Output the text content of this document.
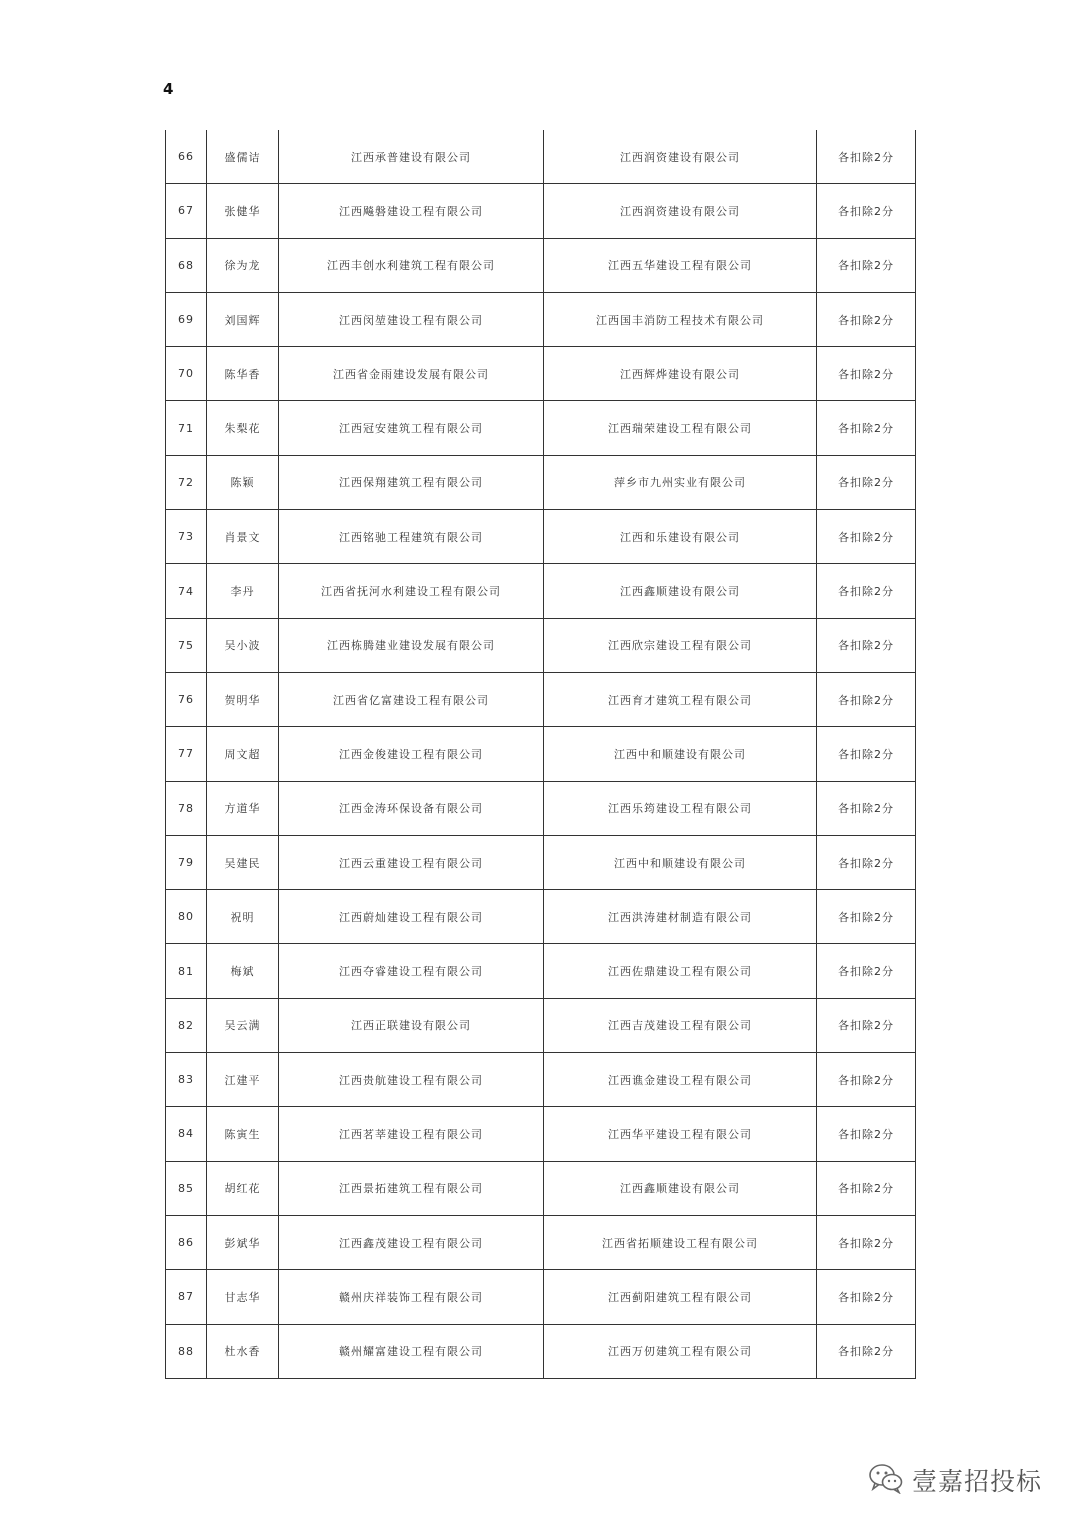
4
66	盛儒诘	江西承普建设有限公司	江西润资建设有限公司	各扣除2分
67	张健华	江西飚磐建设工程有限公司	江西润资建设有限公司	各扣除2分
68	徐为龙	江西丰创水利建筑工程有限公司	江西五华建设工程有限公司	各扣除2分
69	刘国辉	江西闵堃建设工程有限公司	江西国丰消防工程技术有限公司	各扣除2分
70	陈华香	江西省金雨建设发展有限公司	江西辉烨建设有限公司	各扣除2分
71	朱梨花	江西冠安建筑工程有限公司	江西瑞荣建设工程有限公司	各扣除2分
72	陈颖	江西保翔建筑工程有限公司	萍乡市九州实业有限公司	各扣除2分
73	肖景文	江西铭驰工程建筑有限公司	江西和乐建设有限公司	各扣除2分
74	李丹	江西省抚河水利建设工程有限公司	江西鑫顺建设有限公司	各扣除2分
75	吴小波	江西栋腾建业建设发展有限公司	江西欣宗建设工程有限公司	各扣除2分
76	贺明华	江西省亿富建设工程有限公司	江西育才建筑工程有限公司	各扣除2分
77	周文超	江西金俊建设工程有限公司	江西中和顺建设有限公司	各扣除2分
78	方道华	江西金涛环保设备有限公司	江西乐筠建设工程有限公司	各扣除2分
79	吴建民	江西云重建设工程有限公司	江西中和顺建设有限公司	各扣除2分
80	祝明	江西蔚灿建设工程有限公司	江西洪涛建材制造有限公司	各扣除2分
81	梅斌	江西夺睿建设工程有限公司	江西佐鼎建设工程有限公司	各扣除2分
82	吴云满	江西正联建设有限公司	江西吉茂建设工程有限公司	各扣除2分
83	江建平	江西贵航建设工程有限公司	江西谯金建设工程有限公司	各扣除2分
84	陈寅生	江西茗莘建设工程有限公司	江西华平建设工程有限公司	各扣除2分
85	胡红花	江西景拓建筑工程有限公司	江西鑫顺建设有限公司	各扣除2分
86	彭斌华	江西鑫茂建设工程有限公司	江西省拓顺建设工程有限公司	各扣除2分
87	甘志华	赣州庆祥装饰工程有限公司	江西蓟阳建筑工程有限公司	各扣除2分
88	杜水香	赣州耀富建设工程有限公司	江西万仞建筑工程有限公司	各扣除2分
壹嘉招投标
